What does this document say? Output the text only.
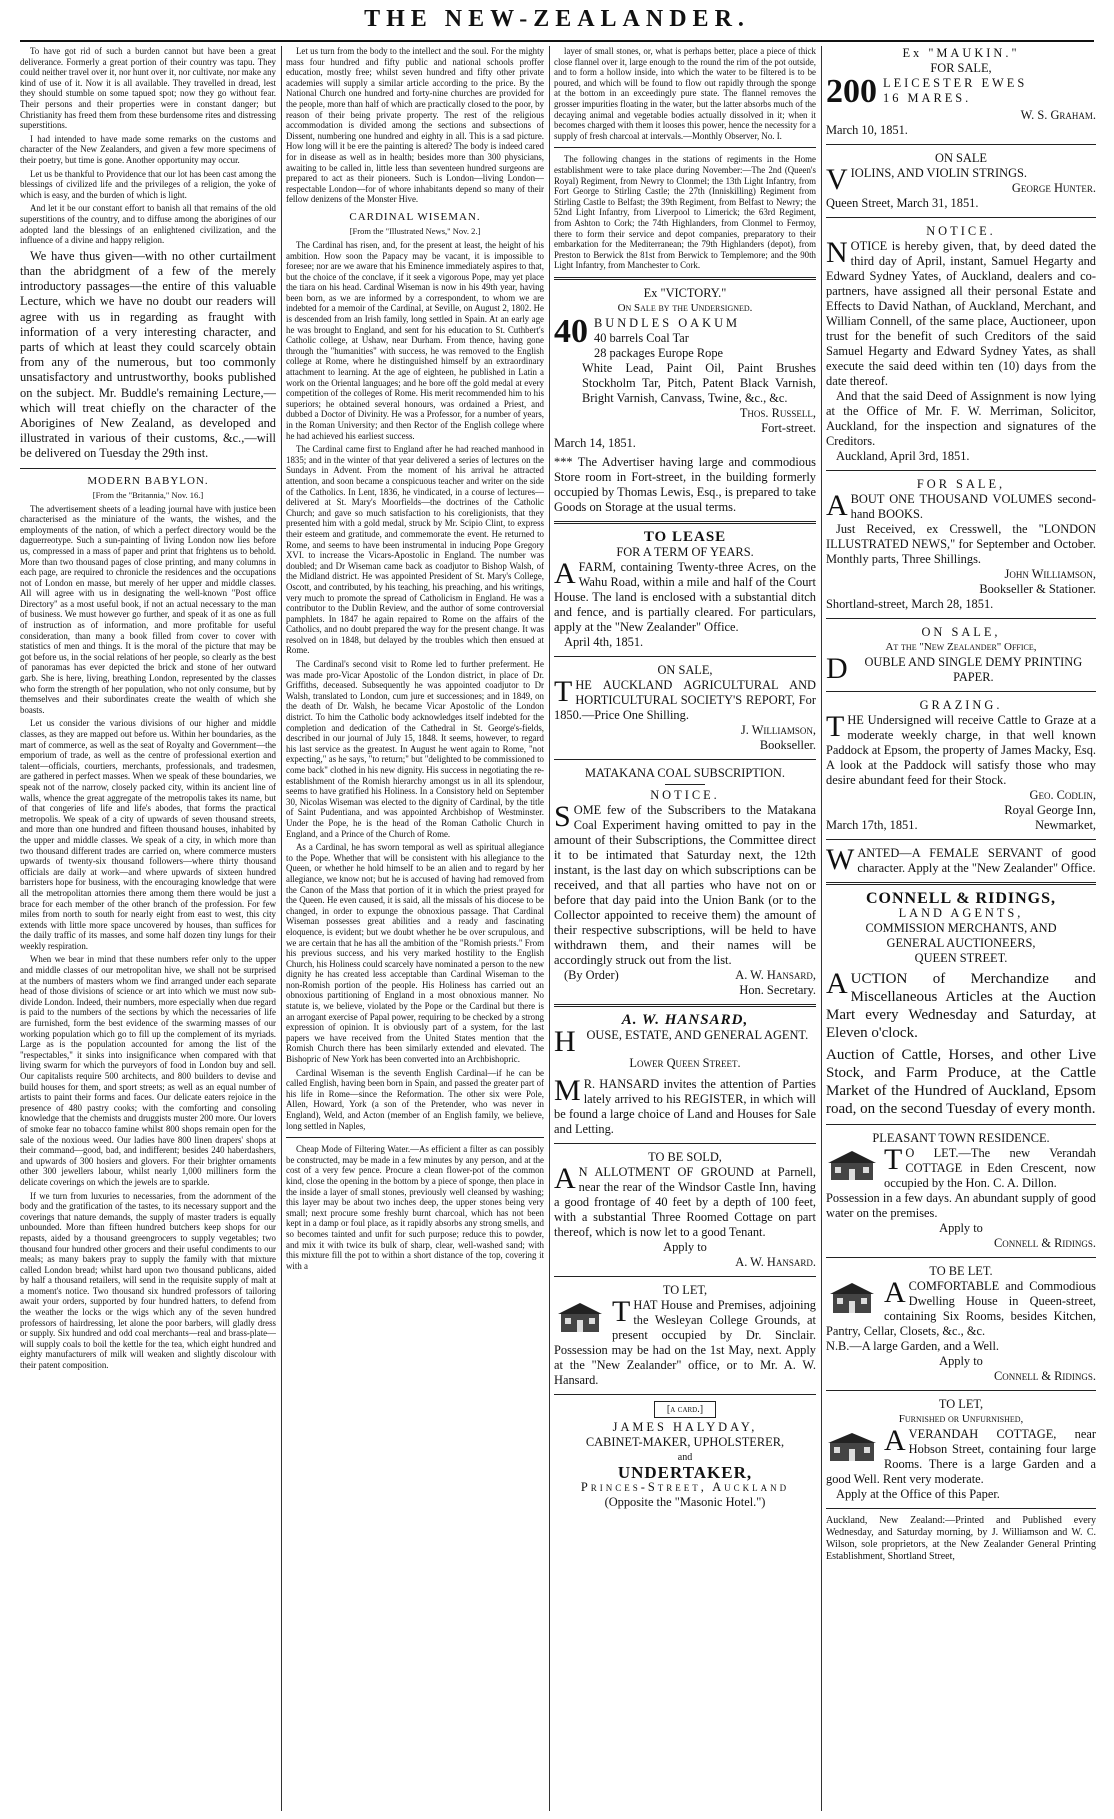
THE NEW-ZEALANDER.

To have got rid of such a burden cannot but have been a great deliverance. Formerly a great portion of their country was tapu. They could neither travel over it, nor hunt over it, nor cultivate, nor make any kind of use of it. Now it is all available. They travelled in dread, lest they should stumble on some tapued spot; now they go without fear. Their persons and their properties were in constant danger; but Christianity has freed them from these burdensome rites and distressing superstitions.

I had intended to have made some remarks on the customs and character of the New Zealanders, and given a few more specimens of their poetry, but time is gone. Another opportunity may occur.

Let us be thankful to Providence that our lot has been cast among the blessings of civilized life and the privileges of a religion, the yoke of which is easy, and the burden of which is light.

And let it be our constant effort to banish all that remains of the old superstitions of the country, and to diffuse among the aborigines of our adopted land the blessings of an enlightened civilization, and the influence of a divine and happy religion.

We have thus given—with no other curtailment than the abridgment of a few of the merely introductory passages—the entire of this valuable Lecture, which we have no doubt our readers will agree with us in regarding as fraught with information of a very interesting character, and parts of which at least they could scarcely obtain from any of the numerous, but too commonly unsatisfactory and untrustworthy, books published on the subject. Mr. Buddle's remaining Lecture,—which will treat chiefly on the character of the Aborigines of New Zealand, as developed and illustrated in various of their customs, &c.,—will be delivered on Tuesday the 29th inst.

MODERN BABYLON.
[From the "Britannia," Nov. 16.]

The advertisement sheets of a leading journal have with justice been characterised as the miniature of the wants, the wishes, and the employments of the nation, of which a perfect directory would be the daguerreotype. Such a sun-painting of living London now lies before us, compressed in a mass of paper and print that frightens us to behold. More than two thousand pages of close printing, and many columns in each page, are required to chronicle the residences and the occupations not of London en masse, but merely of her upper and middle classes. All will agree with us in designating the well-known "Post office Directory" as a most useful book, if not an actual necessary to the man of business. We must however go further, and speak of it as one as full of instruction as of information, and more profitable for useful consideration, than many a book filled from cover to cover with statistics of men and things. It is the moral of the picture that may be got before us, in the social relations of her people, so clearly as the best of panoramas has ever depicted the brick and stone of her outward garb. She is here, living, breathing London, represented by the classes who form the strength of her population, who not only consume, but by themselves and their subordinates create the wealth of which she boasts.

Let us consider the various divisions of our higher and middle classes, as they are mapped out before us. Within her boundaries, as the mart of commerce, as well as the seat of Royalty and Government—the emporium of trade, as well as the centre of professional exertion and talent—officials, courtiers, merchants, professionals, and tradesmen, are gathered in perfect masses. When we speak of these boundaries, we speak not of the narrow, closely packed city, within its ancient line of walls, whence the great aggregate of the metropolis takes its name, but of that congeries of life and life's abodes, that forms the practical metropolis. We speak of a city of upwards of seven thousand streets, and more than one hundred and fifteen thousand houses, inhabited by the upper and middle classes. We speak of a city, in which more than two thousand different trades are carried on, where commerce musters upwards of twenty-six thousand followers—where thirty thousand officials are daily at work—and where upwards of sixteen hundred barristers hope for business, with the encouraging knowledge that were all the metropolitan attornies there among them there would be just a brace for each member of the other branch of the profession. For few miles from north to south for nearly eight from east to west, this city extends with little more space uncovered by houses, than suffices for the daily traffic of its masses, and some half dozen tiny lungs for their weekly respiration.

When we bear in mind that these numbers refer only to the upper and middle classes of our metropolitan hive, we shall not be surprised at the numbers of masters whom we find arranged under each separate head of those divisions of science or art into which we must now sub-divide London. Indeed, their numbers, more especially when due regard is paid to the numbers of the sections by which the necessaries of life are furnished, form the best evidence of the swarming masses of our working population which go to fill up the complement of its myriads. Large as is the population accounted for among the list of the "respectables," it sinks into insignificance when compared with that living swarm for which the purveyors of food in London buy and sell. Our capitalists require 500 architects, and 800 builders to devise and build houses for them, and sport streets; as well as an equal number of artists to paint their forms and faces. Our delicate eaters rejoice in the presence of 480 pastry cooks; with the comforting and consoling knowledge that the chemists and druggists muster 200 more. Our lovers of smoke fear no tobacco famine whilst 800 shops remain open for the sale of the noxious weed. Our ladies have 800 linen drapers' shops at their command—good, bad, and indifferent; besides 240 haberdashers, and upwards of 300 hosiers and glovers. For their brighter ornaments other 300 jewellers labour, whilst nearly 1,000 milliners form the delicate coverings on which the jewels are to sparkle.

If we turn from luxuries to necessaries, from the adornment of the body and the gratification of the tastes, to its necessary support and the coverings that nature demands, the supply of master traders is equally unbounded. More than fifteen hundred butchers keep shops for our repasts, aided by a thousand greengrocers to supply vegetables; two thousand four hundred other grocers and their useful condiments to our meals; as many bakers pray to supply the family with that mixture called London bread; whilst hard upon two thousand publicans, aided by half a thousand retailers, will send in the requisite supply of malt at a moment's notice. Two thousand six hundred professors of tailoring await your orders, supported by four hundred hatters, to defend from the weather the locks or the wigs which any of the seven hundred professors of hairdressing, let alone the poor barbers, will gladly dress or supply. Six hundred and odd coal merchants—real and brass-plate—will supply coals to boil the kettle for the tea, which eight hundred and eighty manufacturers of milk will weaken and slightly discolour with their patent composition.

Let us turn from the body to the intellect and the soul. For the mighty mass four hundred and fifty public and national schools proffer education, mostly free; whilst seven hundred and fifty other private academies will supply a similar article according to the price. By the National Church one hundred and forty-nine churches are provided for the people, more than half of which are practically closed to the poor, by reason of their being private property. The rest of the religious accommodation is divided among the sections and subsections of Dissent, numbering one hundred and eighty in all. This is a sad picture. How long will it be ere the painting is altered? The body is indeed cared for in disease as well as in health; besides more than 300 physicians, awaiting to be called in, little less than seventeen hundred surgeons are prepared to act as their pioneers. Such is London—living London—respectable London—for of whore inhabitants depend so many of their fellow denizens of the Monster Hive.

CARDINAL WISEMAN.
[From the "Illustrated News," Nov. 2.]

The Cardinal has risen, and, for the present at least, the height of his ambition. How soon the Papacy may be vacant, it is impossible to foresee; nor are we aware that his Eminence immediately aspires to that, but the choice of the conclave, if it seek a vigorous Pope, may yet place the tiara on his head. Cardinal Wiseman is now in his 49th year, having been born, as we are informed by a correspondent, to whom we are indebted for a memoir of the Cardinal, at Seville, on August 2, 1802. He is descended from an Irish family, long settled in Spain. At an early age he was brought to England, and sent for his education to St. Cuthbert's Catholic college, at Ushaw, near Durham. From thence, having gone through the "humanities" with success, he was removed to the English college at Rome, where he distinguished himself by an extraordinary attachment to learning. At the age of eighteen, he published in Latin a work on the Oriental languages; and he bore off the gold medal at every competition of the colleges of Rome. His merit recommended him to his superiors; he obtained several honours, was ordained a Priest, and dubbed a Doctor of Divinity. He was a Professor, for a number of years, in the Roman University; and then Rector of the English college where he had achieved his earliest success.

The Cardinal came first to England after he had reached manhood in 1835; and in the winter of that year delivered a series of lectures on the Sundays in Advent. From the moment of his arrival he attracted attention, and soon became a conspicuous teacher and writer on the side of the Catholics. In Lent, 1836, he vindicated, in a course of lectures—delivered at St. Mary's Moorfields—the doctrines of the Catholic Church; and gave so much satisfaction to his coreligionists, that they presented him with a gold medal, struck by Mr. Scipio Clint, to express their esteem and gratitude, and commemorate the event. He returned to Rome, and seems to have been instrumental in inducing Pope Gregory XVI. to increase the Vicars-Apostolic in England. The number was doubled; and Dr Wiseman came back as coadjutor to Bishop Walsh, of the Midland district. He was appointed President of St. Mary's College, Oscott, and contributed, by his teaching, his preaching, and his writings, very much to promote the spread of Catholicism in England. He was a contributor to the Dublin Review, and the author of some controversial pamphlets. In 1847 he again repaired to Rome on the affairs of the Catholics, and no doubt prepared the way for the present change. It was resolved on in 1848, but delayed by the troubles which then ensued at Rome.

The Cardinal's second visit to Rome led to further preferment. He was made pro-Vicar Apostolic of the London district, in place of Dr. Griffiths, deceased. Subsequently he was appointed coadjutor to Dr Walsh, translated to London, cum jure et successiones; and in 1849, on the death of Dr. Walsh, he became Vicar Apostolic of the London district. To him the Catholic body acknowledges itself indebted for the completion and dedication of the Cathedral in St. George's-fields, described in our journal of July 15, 1848. It seems, however, to regard his last service as the greatest. In August he went again to Rome, "not expecting," as he says, "to return;" but "delighted to be commissioned to come back" clothed in his new dignity. His success in negotiating the re-establishment of the Romish hierarchy amongst us in all its splendour, seems to have gratified his Holiness. In a Consistory held on September 30, Nicolas Wiseman was elected to the dignity of Cardinal, by the title of Saint Pudentiana, and was appointed Archbishop of Westminster. Under the Pope, he is the head of the Roman Catholic Church in England, and a Prince of the Church of Rome.

As a Cardinal, he has sworn temporal as well as spiritual allegiance to the Pope. Whether that will be consistent with his allegiance to the Queen, or whether he hold himself to be an alien and to regard by her allegiance, we know not; but he is accused of having had removed from the Canon of the Mass that portion of it in which the priest prayed for the Queen. He even caused, it is said, all the missals of his diocese to be changed, in order to expunge the obnoxious passage. That Cardinal Wiseman possesses great abilities and a ready and fascinating eloquence, is evident; but we doubt whether he be over scrupulous, and we are certain that he has all the ambition of the "Romish priests." From his previous success, and his very marked hostility to the English Church, his Holiness could scarcely have nominated a person to the new dignity he has created less acceptable than Cardinal Wiseman to the non-Romish portion of the people. His Holiness has carried out an obnoxious partitioning of England in a most obnoxious manner. No statute is, we believe, violated by the Pope or the Cardinal but there is an arrogant exercise of Papal power, requiring to be checked by a strong expression of opinion. It is obviously part of a system, for the last papers we have received from the United States mention that the Romish Church there has been similarly extended and elevated. The Bishopric of New York has been converted into an Archbishopric.

Cardinal Wiseman is the seventh English Cardinal—if he can be called English, having been born in Spain, and passed the greater part of his life in Rome—since the Reformation. The other six were Pole, Allen, Howard, York (a son of the Pretender, who was never in England), Weld, and Acton (member of an English family, we believe, long settled in Naples,

Cheap Mode of Filtering Water.—As efficient a filter as can possibly be constructed, may be made in a few minutes by any person, and at the cost of a very few pence. Procure a clean flower-pot of the common kind, close the opening in the bottom by a piece of sponge, then place in the inside a layer of small stones, previously well cleansed by washing; this layer may be about two inches deep, the upper stones being very small; next procure some freshly burnt charcoal, which has not been kept in a damp or foul place, as it rapidly absorbs any strong smells, and so becomes tainted and unfit for such purpose; reduce this to powder, and mix it with twice its bulk of sharp, clear, well-washed sand; with this mixture fill the pot to within a short distance of the top, covering it with a

layer of small stones, or, what is perhaps better, place a piece of thick close flannel over it, large enough to the round the rim of the pot outside, and to form a hollow inside, into which the water to be filtered is to be poured, and which will be found to flow out rapidly through the sponge at the bottom in an exceedingly pure state. The flannel removes the grosser impurities floating in the water, but the latter absorbs much of the decaying animal and vegetable bodies actually dissolved in it; when it becomes charged with them it looses this power, hence the necessity for a supply of fresh charcoal at intervals.—Monthly Observer, No. I.

The following changes in the stations of regiments in the Home establishment were to take place during November:—The 2nd (Queen's Royal) Regiment, from Newry to Clonmel; the 13th Light Infantry, from Fort George to Stirling Castle; the 27th (Inniskilling) Regiment from Stirling Castle to Belfast; the 39th Regiment, from Belfast to Newry; the 52nd Light Infantry, from Liverpool to Limerick; the 63rd Regiment, from Ashton to Cork; the 74th Highlanders, from Clonmel to Fermoy, there to form their service and depot companies, preparatory to their embarkation for the Mediterranean; the 79th Highlanders (depot), from Preston to Berwick the 81st from Berwick to Templemore; and the 90th Light Infantry, from Manchester to Cork.

Ex "VICTORY."
On Sale by the Undersigned.
40 BUNDLES OAKUM
40 barrels Coal Tar
28 packages Europe Rope
White Lead, Paint Oil, Paint Brushes Stockholm Tar, Pitch, Patent Black Varnish, Bright Varnish, Canvass, Twine, &c., &c.
Thos. Russell,
Fort-street.
March 14, 1851.
*** The Advertiser having large and commodious Store room in Fort-street, in the building formerly occupied by Thomas Lewis, Esq., is prepared to take Goods on Storage at the usual terms.
TO LEASE
FOR A TERM OF YEARS.
AFARM, containing Twenty-three Acres, on the Wahu Road, within a mile and half of the Court House. The land is enclosed with a substantial ditch and fence, and is partially cleared. For particulars, apply at the "New Zealander" Office.
April 4th, 1851.
ON SALE,
THE AUCKLAND AGRICULTURAL AND HORTICULTURAL SOCIETY'S REPORT, For 1850.—Price One Shilling.
J. Williamson,
Bookseller.
MATAKANA COAL SUBSCRIPTION.
NOTICE.
SOME few of the Subscribers to the Matakana Coal Experiment having omitted to pay in the amount of their Subscriptions, the Committee direct it to be intimated that Saturday next, the 12th instant, is the last day on which subscriptions can be received, and that all parties who have not on or before that day paid into the Union Bank (or to the Collector appointed to receive them) the amount of their respective subscriptions, will be held to have withdrawn them, and their names will be accordingly struck out from the list.
(By Order)	A. W. Hansard,
Hon. Secretary.
A. W. HANSARD,
HOUSE, ESTATE, AND GENERAL AGENT.
Lower Queen Street.
M R. HANSARD invites the attention of Parties lately arrived to his REGISTER, in which will be found a large choice of Land and Houses for Sale and Letting.
TO BE SOLD,
A N ALLOTMENT OF GROUND at Parnell, near the rear of the Windsor Castle Inn, having a good frontage of 40 feet by a depth of 100 feet, with a substantial Three Roomed Cottage on part thereof, which is now let to a good Tenant.
Apply to
A. W. Hansard.
TO LET,
THAT House and Premises, adjoining the Wesleyan College Grounds, at present occupied by Dr. Sinclair. Possession may be had on the 1st May, next. Apply at the "New Zealander" office, or to Mr. A. W. Hansard.
[a card.]
JAMES HALYDAY,
CABINET-MAKER, UPHOLSTERER,
and
UNDERTAKER,
Princes-Street, Auckland
(Opposite the "Masonic Hotel.")
Ex "MAUKIN."
FOR SALE,
200 LEICESTER EWES
16 MARES.
W. S. Graham.
March 10, 1851.
ON SALE
VIOLINS, AND VIOLIN STRINGS.
George Hunter.
Queen Street, March 31, 1851.
NOTICE.
NOTICE is hereby given, that, by deed dated the third day of April, instant, Samuel Hegarty and Edward Sydney Yates, of Auckland, dealers and co-partners, have assigned all their personal Estate and Effects to David Nathan, of Auckland, Merchant, and William Connell, of the same place, Auctioneer, upon trust for the benefit of such Creditors of the said Samuel Hegarty and Edward Sydney Yates, as shall execute the said deed within ten (10) days from the date thereof.
And that the said Deed of Assignment is now lying at the Office of Mr. F. W. Merriman, Solicitor, Auckland, for the inspection and signatures of the Creditors.
Auckland, April 3rd, 1851.
FOR SALE,
ABOUT ONE THOUSAND VOLUMES second-hand BOOKS.
Just Received, ex Cresswell, the "LONDON ILLUSTRATED NEWS," for September and October. Monthly parts, Three Shillings.
John Williamson,
Bookseller & Stationer.
Shortland-street, March 28, 1851.
ON SALE,
At the "New Zealander" Office,
D OUBLE AND SINGLE DEMY PRINTING PAPER.
GRAZING.
THE Undersigned will receive Cattle to Graze at a moderate weekly charge, in that well known Paddock at Epsom, the property of James Macky, Esq. A look at the Paddock will satisfy those who may desire abundant feed for their Stock.
Geo. Codlin,
Royal George Inn,
March 17th, 1851.	Newmarket,
WANTED—A FEMALE SERVANT of good character. Apply at the "New Zealander" Office.
CONNELL & RIDINGS,
LAND AGENTS,
COMMISSION MERCHANTS, AND
GENERAL AUCTIONEERS,
QUEEN STREET.
AUCTION of Merchandize and Miscellaneous Articles at the Auction Mart every Wednesday and Saturday, at Eleven o'clock.
Auction of Cattle, Horses, and other Live Stock, and Farm Produce, at the Cattle Market of the Hundred of Auckland, Epsom road, on the second Tuesday of every month.
PLEASANT TOWN RESIDENCE.
T O LET.—The new Verandah COTTAGE in Eden Crescent, now occupied by the Hon. C. A. Dillon.
Possession in a few days. An abundant supply of good water on the premises.
Apply to
Connell & Ridings.
TO BE LET.
ACOMFORTABLE and Commodious Dwelling House in Queen-street, containing Six Rooms, besides Kitchen, Pantry, Cellar, Closets, &c., &c.
N.B.—A large Garden, and a Well.
Apply to
Connell & Ridings.
TO LET,
Furnished or Unfurnished,
AVERANDAH COTTAGE, near Hobson Street, containing four large Rooms. There is a large Garden and a good Well. Rent very moderate.
Apply at the Office of this Paper.
Auckland, New Zealand:—Printed and Published every Wednesday, and Saturday morning, by J. Williamson and W. C. Wilson, sole proprietors, at the New Zealander General Printing Establishment, Shortland Street,
